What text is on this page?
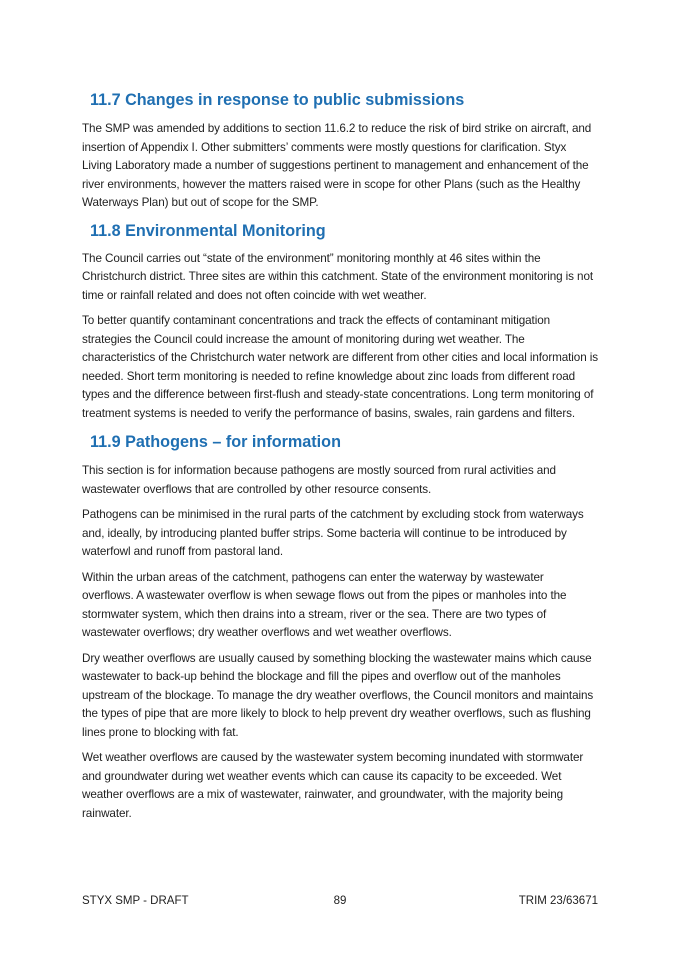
11.7 Changes in response to public submissions

The SMP was amended by additions to section 11.6.2 to reduce the risk of bird strike on aircraft, and insertion of Appendix I. Other submitters’ comments were mostly questions for clarification. Styx Living Laboratory made a number of suggestions pertinent to management and enhancement of the river environments, however the matters raised were in scope for other Plans (such as the Healthy Waterways Plan) but out of scope for the SMP.

11.8 Environmental Monitoring

The Council carries out “state of the environment” monitoring monthly at 46 sites within the Christchurch district. Three sites are within this catchment. State of the environment monitoring is not time or rainfall related and does not often coincide with wet weather.

To better quantify contaminant concentrations and track the effects of contaminant mitigation strategies the Council could increase the amount of monitoring during wet weather. The characteristics of the Christchurch water network are different from other cities and local information is needed. Short term monitoring is needed to refine knowledge about zinc loads from different road types and the difference between first-flush and steady-state concentrations. Long term monitoring of treatment systems is needed to verify the performance of basins, swales, rain gardens and filters.

11.9 Pathogens – for information

This section is for information because pathogens are mostly sourced from rural activities and wastewater overflows that are controlled by other resource consents.

Pathogens can be minimised in the rural parts of the catchment by excluding stock from waterways and, ideally, by introducing planted buffer strips. Some bacteria will continue to be introduced by waterfowl and runoff from pastoral land.

Within the urban areas of the catchment, pathogens can enter the waterway by wastewater overflows. A wastewater overflow is when sewage flows out from the pipes or manholes into the stormwater system, which then drains into a stream, river or the sea. There are two types of wastewater overflows; dry weather overflows and wet weather overflows.

Dry weather overflows are usually caused by something blocking the wastewater mains which cause wastewater to back-up behind the blockage and fill the pipes and overflow out of the manholes upstream of the blockage. To manage the dry weather overflows, the Council monitors and maintains the types of pipe that are more likely to block to help prevent dry weather overflows, such as flushing lines prone to blocking with fat.

Wet weather overflows are caused by the wastewater system becoming inundated with stormwater and groundwater during wet weather events which can cause its capacity to be exceeded. Wet weather overflows are a mix of wastewater, rainwater, and groundwater, with the majority being rainwater.

STYX SMP - DRAFT	89	TRIM 23/63671
